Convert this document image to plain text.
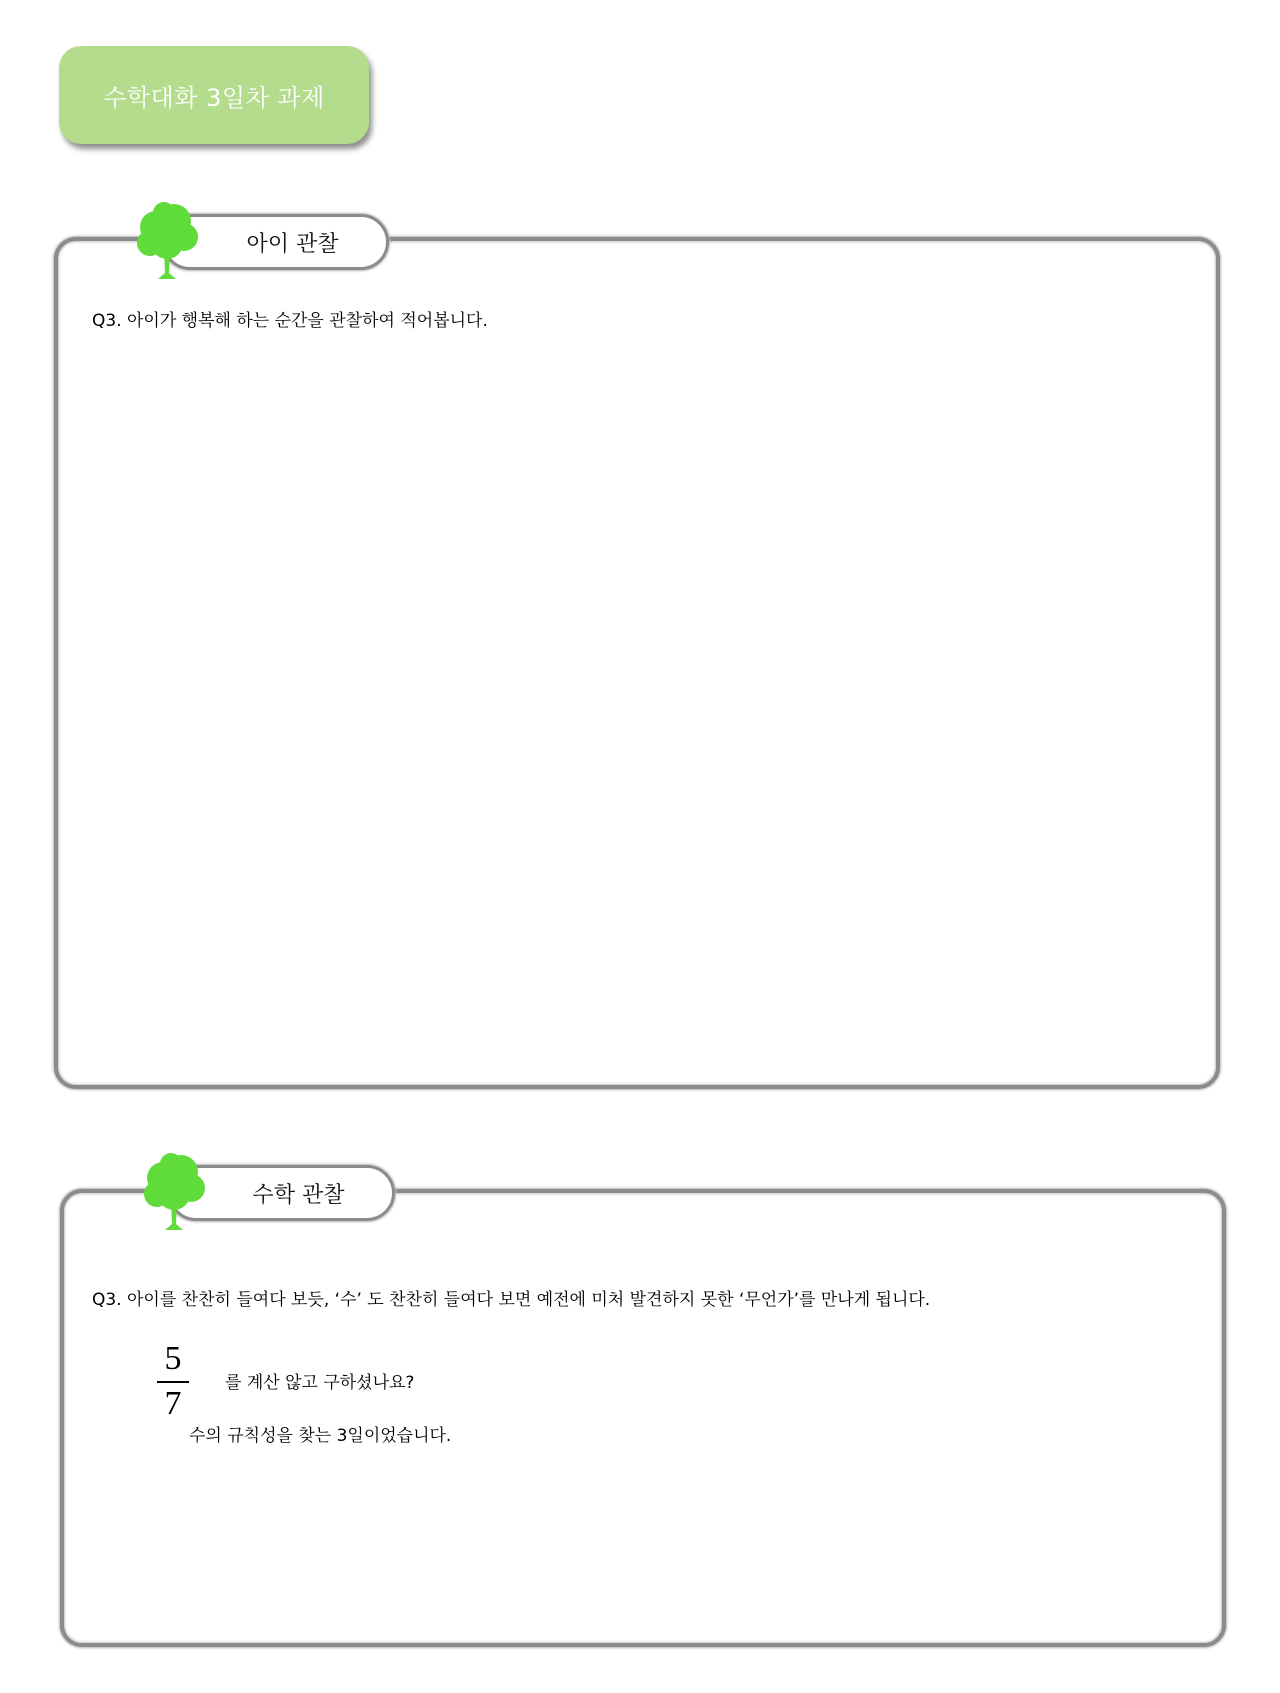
수학대화 3일차 과제
아이 관찰
Q3. 아이가 행복해 하는 순간을 관찰하여 적어봅니다.
수학 관찰
Q3. 아이를 찬찬히 들여다 보듯, ‘수’ 도 찬찬히 들여다 보면 예전에 미처 발견하지 못한 ‘무언가’를 만나게 됩니다.
5
7
를 계산 않고 구하셨나요?
수의 규칙성을 찾는 3일이었습니다.
